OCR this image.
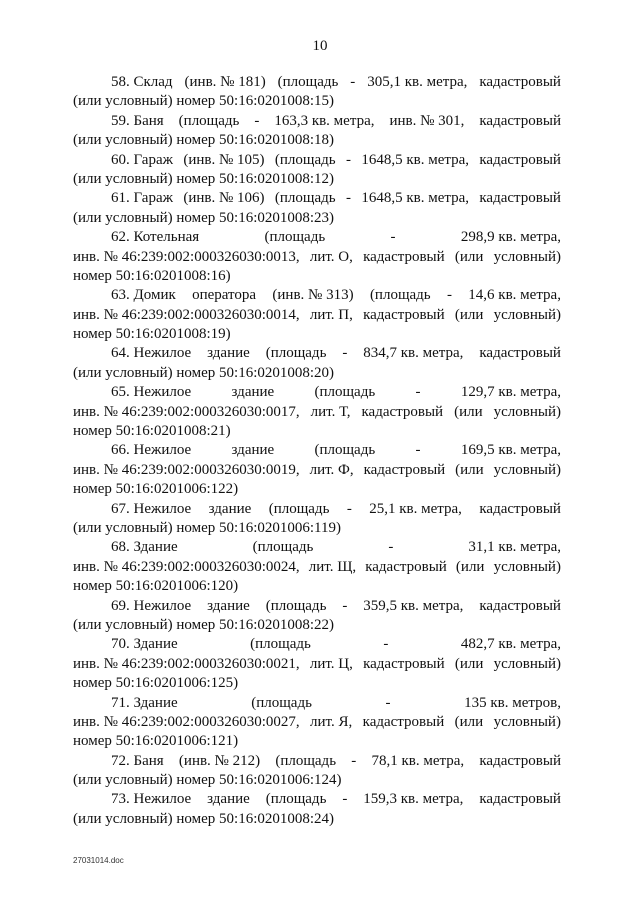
10
58. Склад (инв. № 181) (площадь - 305,1 кв. метра, кадастровый
(или условный) номер 50:16:0201008:15)
59. Баня (площадь - 163,3 кв. метра, инв. № 301, кадастровый
(или условный) номер 50:16:0201008:18)
60. Гараж (инв. № 105) (площадь - 1648,5 кв. метра, кадастровый
(или условный) номер 50:16:0201008:12)
61. Гараж (инв. № 106) (площадь - 1648,5 кв. метра, кадастровый
(или условный) номер 50:16:0201008:23)
62. Котельная	(площадь	-	298,9 кв. метра,
инв. № 46:239:002:000326030:0013, лит. О, кадастровый (или условный)
номер 50:16:0201008:16)
63. Домик оператора (инв. № 313) (площадь - 14,6 кв. метра,
инв. № 46:239:002:000326030:0014, лит. П, кадастровый (или условный)
номер 50:16:0201008:19)
64. Нежилое здание (площадь - 834,7 кв. метра, кадастровый
(или условный) номер 50:16:0201008:20)
65. Нежилое	здание	(площадь	-	129,7 кв. метра,
инв. № 46:239:002:000326030:0017, лит. Т, кадастровый (или условный)
номер 50:16:0201008:21)
66. Нежилое	здание	(площадь	-	169,5 кв. метра,
инв. № 46:239:002:000326030:0019, лит. Ф, кадастровый (или условный)
номер 50:16:0201006:122)
67. Нежилое здание (площадь - 25,1 кв. метра, кадастровый
(или условный) номер 50:16:0201006:119)
68. Здание	(площадь	-	31,1 кв. метра,
инв. № 46:239:002:000326030:0024, лит. Щ, кадастровый (или условный)
номер 50:16:0201006:120)
69. Нежилое здание (площадь - 359,5 кв. метра, кадастровый
(или условный) номер 50:16:0201008:22)
70. Здание	(площадь	-	482,7 кв. метра,
инв. № 46:239:002:000326030:0021, лит. Ц, кадастровый (или условный)
номер 50:16:0201006:125)
71. Здание	(площадь	-	135 кв. метров,
инв. № 46:239:002:000326030:0027, лит. Я, кадастровый (или условный)
номер 50:16:0201006:121)
72. Баня (инв. № 212) (площадь - 78,1 кв. метра, кадастровый
(или условный) номер 50:16:0201006:124)
73. Нежилое здание (площадь - 159,3 кв. метра, кадастровый
(или условный) номер 50:16:0201008:24)
27031014.doc
